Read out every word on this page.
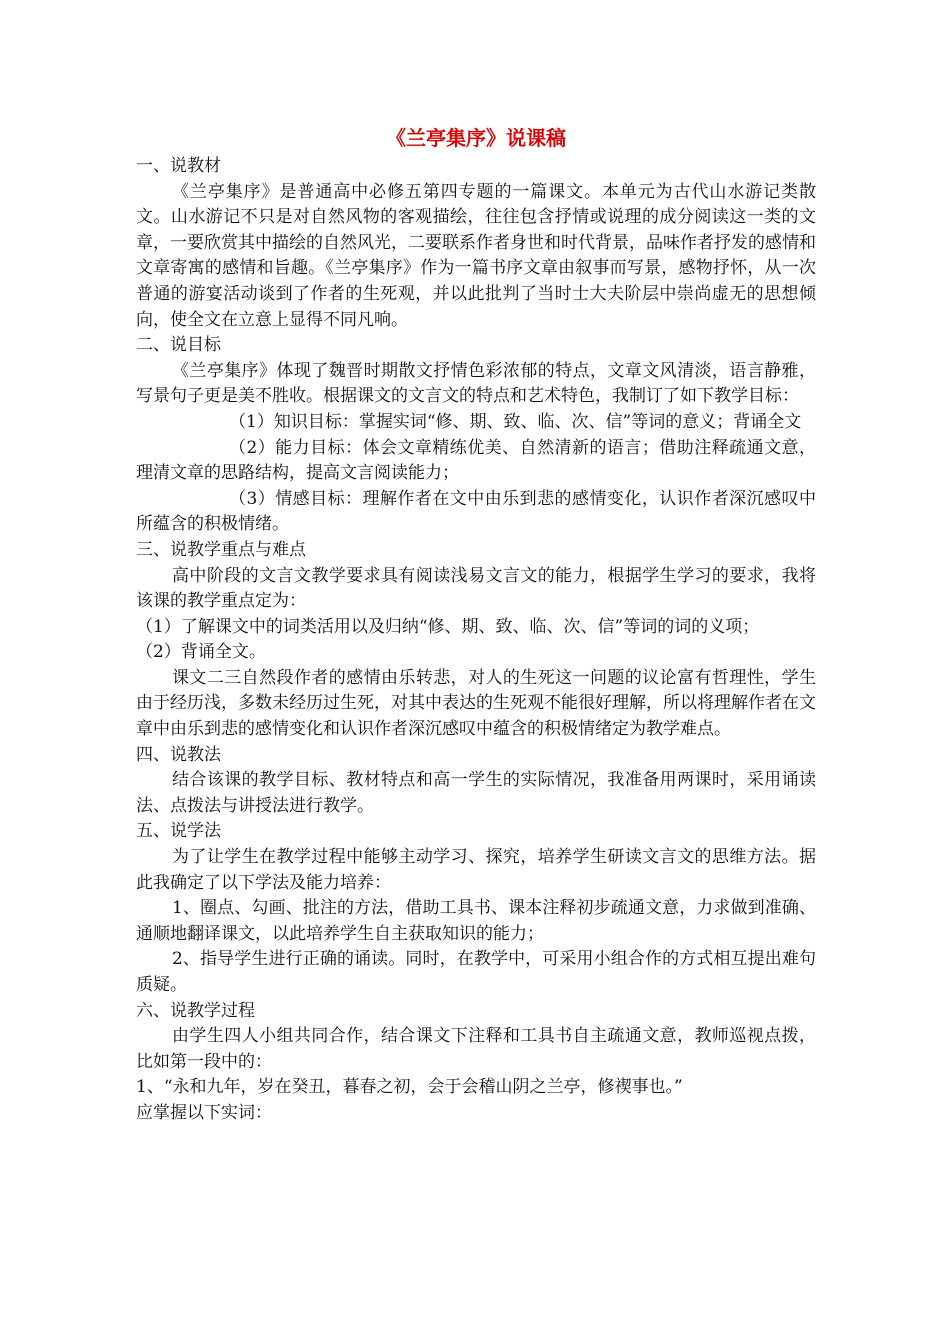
《兰亭集序》说课稿

一、说教材

《兰亭集序》是普通高中必修五第四专题的一篇课文。本单元为古代山水游记类散文。山水游记不只是对自然风物的客观描绘，往往包含抒情或说理的成分阅读这一类的文章，一要欣赏其中描绘的自然风光，二要联系作者身世和时代背景，品味作者抒发的感情和文章寄寓的感情和旨趣。《兰亭集序》作为一篇书序文章由叙事而写景，感物抒怀，从一次普通的游宴活动谈到了作者的生死观，并以此批判了当时士大夫阶层中崇尚虚无的思想倾向，使全文在立意上显得不同凡响。

二、说目标

《兰亭集序》体现了魏晋时期散文抒情色彩浓郁的特点，文章文风清淡，语言静雅，写景句子更是美不胜收。根据课文的文言文的特点和艺术特色，我制订了如下教学目标：

（1）知识目标：掌握实词“修、期、致、临、次、信”等词的意义；背诵全文

（2）能力目标：体会文章精练优美、自然清新的语言；借助注释疏通文意，理清文章的思路结构，提高文言阅读能力；

（3）情感目标：理解作者在文中由乐到悲的感情变化，认识作者深沉感叹中所蕴含的积极情绪。

三、说教学重点与难点

高中阶段的文言文教学要求具有阅读浅易文言文的能力，根据学生学习的要求，我将该课的教学重点定为：

（1）了解课文中的词类活用以及归纳“修、期、致、临、次、信”等词的词的义项；

（2）背诵全文。

课文二三自然段作者的感情由乐转悲，对人的生死这一问题的议论富有哲理性，学生由于经历浅，多数未经历过生死，对其中表达的生死观不能很好理解，所以将理解作者在文章中由乐到悲的感情变化和认识作者深沉感叹中蕴含的积极情绪定为教学难点。

四、说教法

结合该课的教学目标、教材特点和高一学生的实际情况，我准备用两课时，采用诵读法、点拨法与讲授法进行教学。

五、说学法

为了让学生在教学过程中能够主动学习、探究，培养学生研读文言文的思维方法。据此我确定了以下学法及能力培养：

1、圈点、勾画、批注的方法，借助工具书、课本注释初步疏通文意，力求做到准确、通顺地翻译课文，以此培养学生自主获取知识的能力；

2、指导学生进行正确的诵读。同时，在教学中，可采用小组合作的方式相互提出难句质疑。

六、说教学过程

由学生四人小组共同合作，结合课文下注释和工具书自主疏通文意，教师巡视点拨，比如第一段中的：

1、“永和九年，岁在癸丑，暮春之初，会于会稽山阴之兰亭，修禊事也。”

应掌握以下实词：
